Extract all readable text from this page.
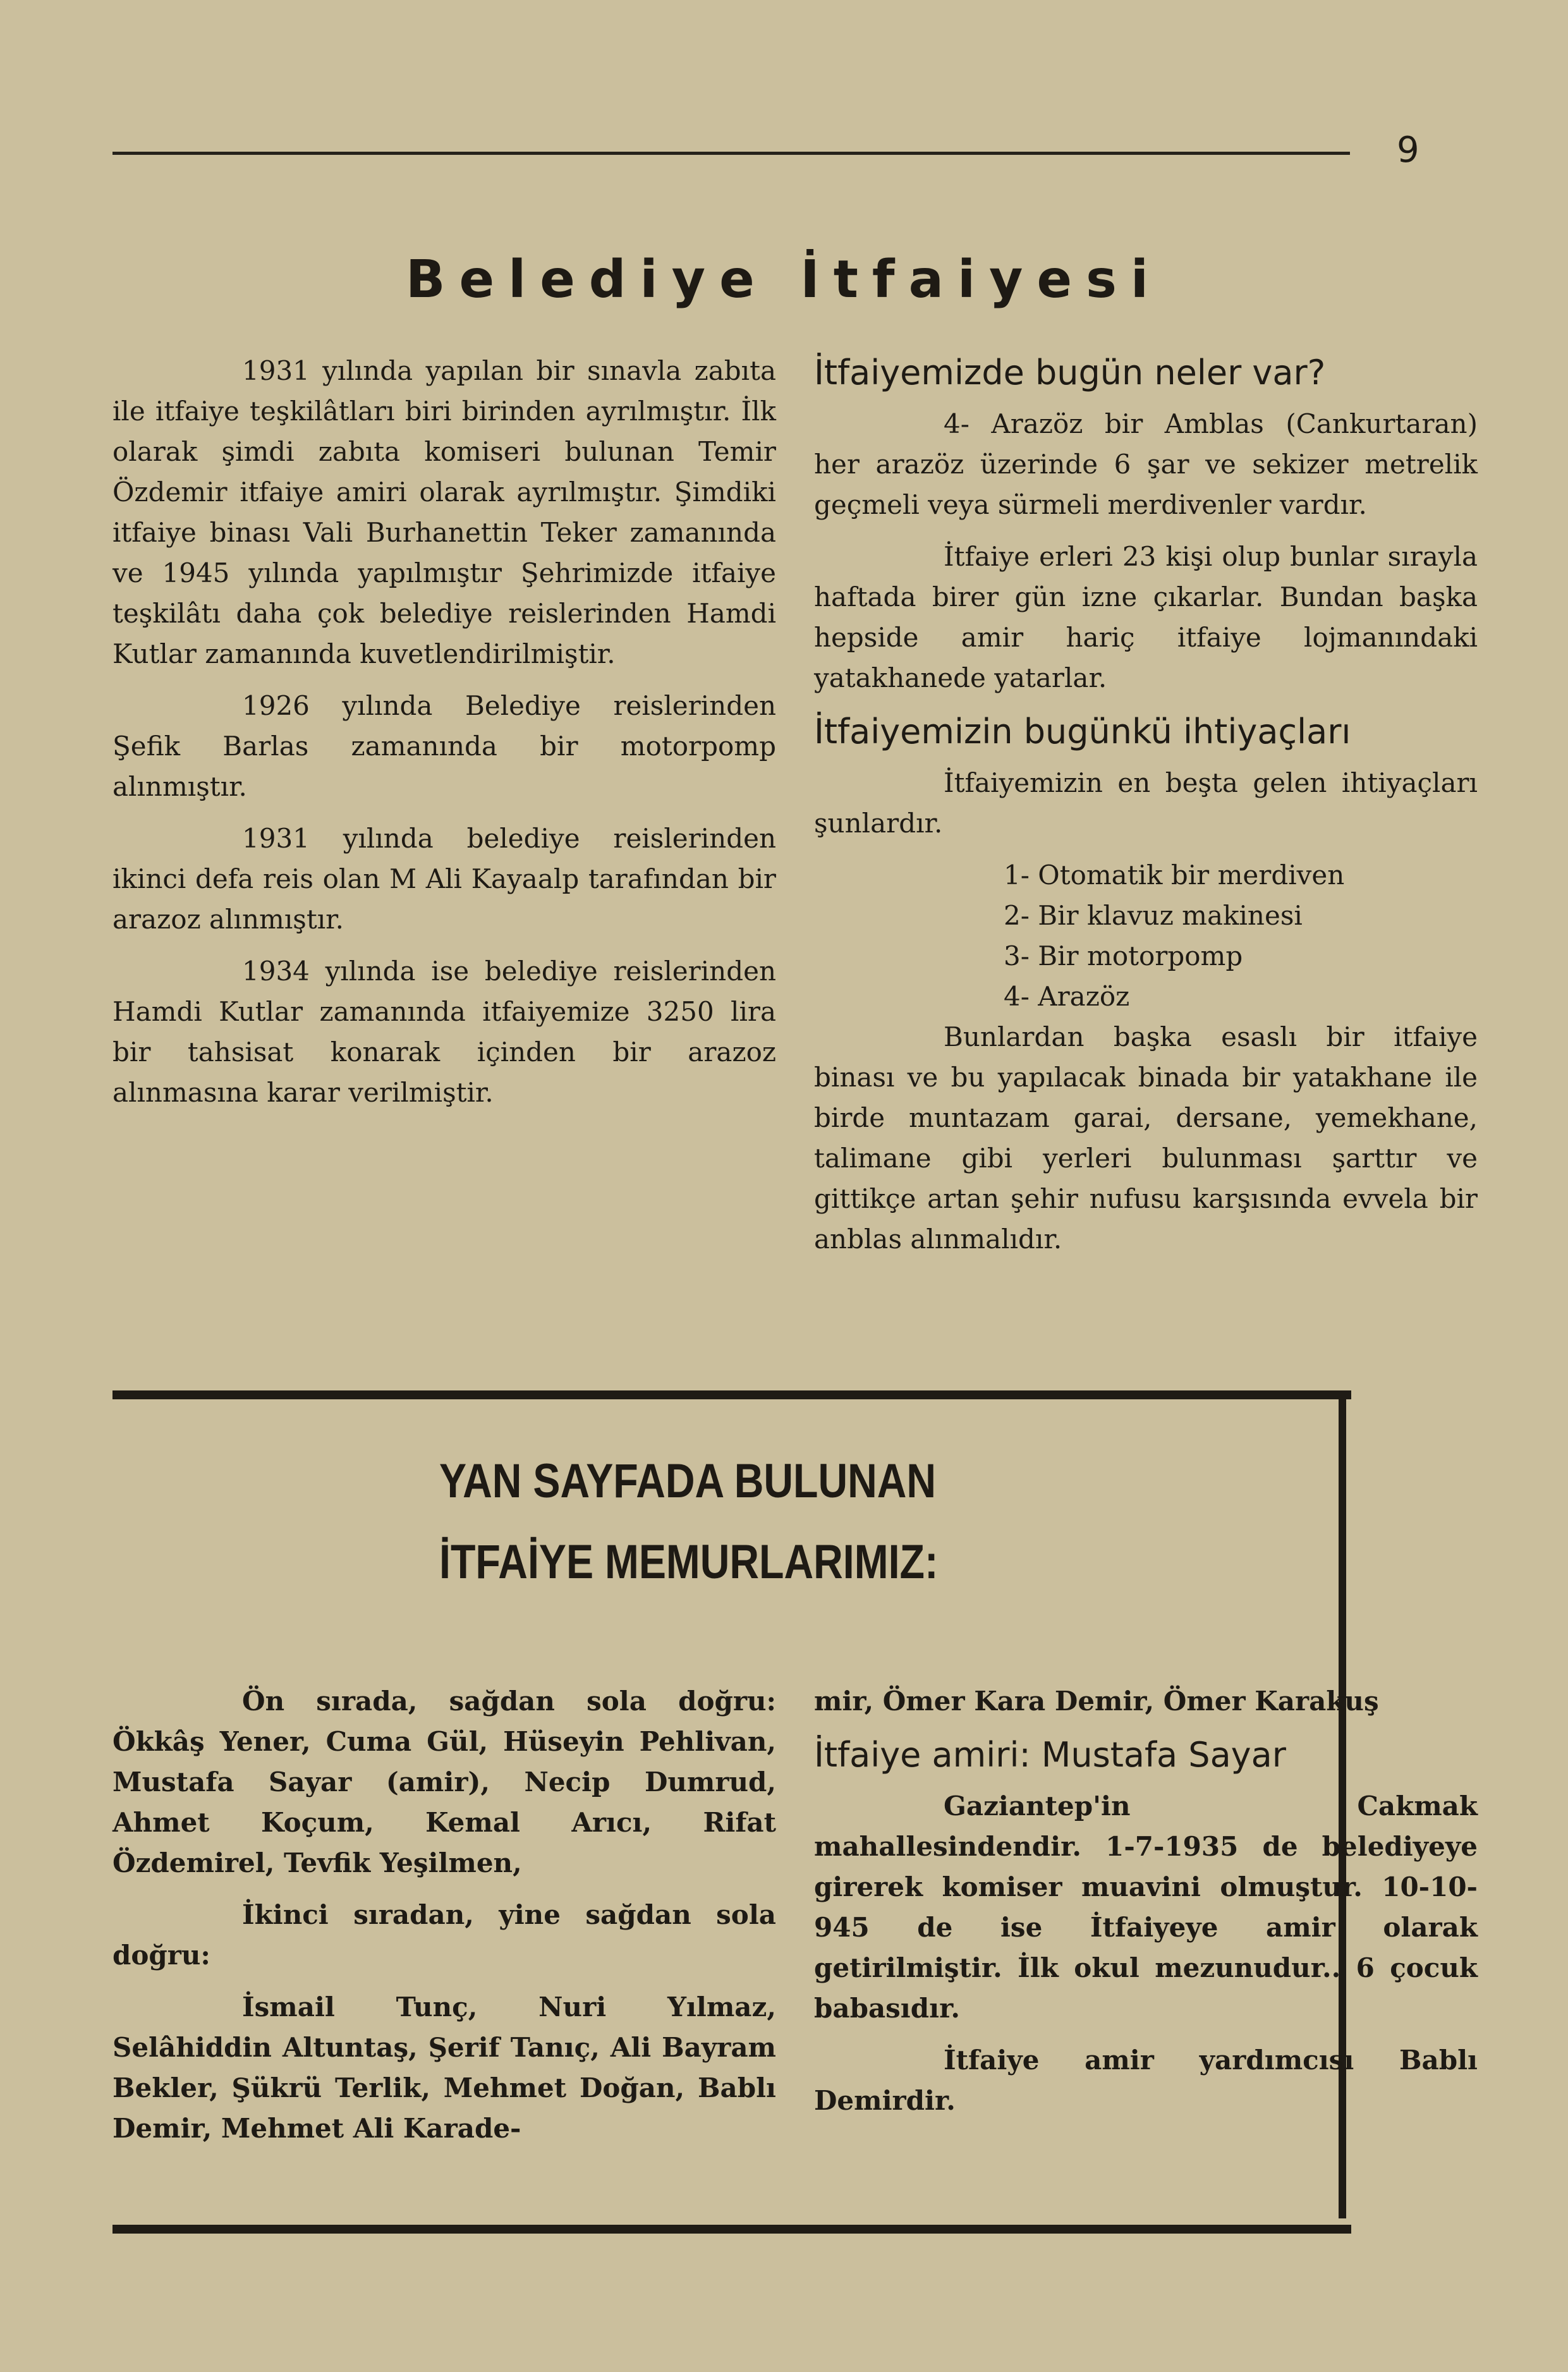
9
Belediye İtfaiyesi

1931 yılında yapılan bir sınavla zabıta ile itfaiye teşkilâtları biri birinden ayrılmıştır. İlk olarak şimdi zabıta komiseri bulunan Temir Özdemir itfaiye amiri olarak ayrılmıştır. Şimdiki itfaiye binası Vali Burhanettin Teker zamanında ve 1945 yılında yapılmıştır Şehrimizde itfaiye teşkilâtı daha çok belediye reislerinden Hamdi Kutlar zamanında kuvetlendirilmiştir.

1926 yılında Belediye reislerinden Şefik Barlas zamanında bir motorpomp alınmıştır.

1931 yılında belediye reislerinden ikinci defa reis olan M Ali Kayaalp tarafından bir arazoz alınmıştır.

1934 yılında ise belediye reislerinden Hamdi Kutlar zamanında itfaiyemize 3250 lira bir tahsisat konarak içinden bir arazoz alınmasına karar verilmiştir.

İtfaiyemizde bugün neler var?

4- Arazöz bir Amblas (Cankurtaran) her arazöz üzerinde 6 şar ve sekizer metrelik geçmeli veya sürmeli merdivenler vardır.

İtfaiye erleri 23 kişi olup bunlar sırayla haftada birer gün izne çıkarlar. Bundan başka hepside amir hariç itfaiye lojmanındaki yatakhanede yatarlar.

İtfaiyemizin bugünkü ihtiyaçları

İtfaiyemizin en beşta gelen ihtiyaçları şunlardır.

1- Otomatik bir merdiven

2- Bir klavuz makinesi

3- Bir motorpomp

4- Arazöz

Bunlardan başka esaslı bir itfaiye binası ve bu yapılacak binada bir yatakhane ile birde muntazam garai, dersane, yemekhane, talimane gibi yerleri bulunması şarttır ve gittikçe artan şehir nufusu karşısında evvela bir anblas alınmalıdır.

YAN SAYFADA BULUNAN
İTFAİYE MEMURLARIMIZ:

Ön sırada, sağdan sola doğru: Ökkâş Yener, Cuma Gül, Hüseyin Pehlivan, Mustafa Sayar (amir), Necip Dumrud, Ahmet Koçum, Kemal Arıcı, Rifat Özdemirel, Tevfik Yeşilmen,

İkinci sıradan, yine sağdan sola doğru:

İsmail Tunç, Nuri Yılmaz, Selâhiddin Altuntaş, Şerif Tanıç, Ali Bayram Bekler, Şükrü Terlik, Mehmet Doğan, Bablı Demir, Mehmet Ali Karade-

mir, Ömer Kara Demir, Ömer Karakuş

İtfaiye amiri: Mustafa Sayar

Gaziantep'in Cakmak mahallesindendir. 1-7-1935 de belediyeye girerek komiser muavini olmuştur. 10-10-945 de ise İtfaiyeye amir olarak getirilmiştir. İlk okul mezunudur.. 6 çocuk babasıdır.

İtfaiye amir yardımcısı Bablı Demirdir.
